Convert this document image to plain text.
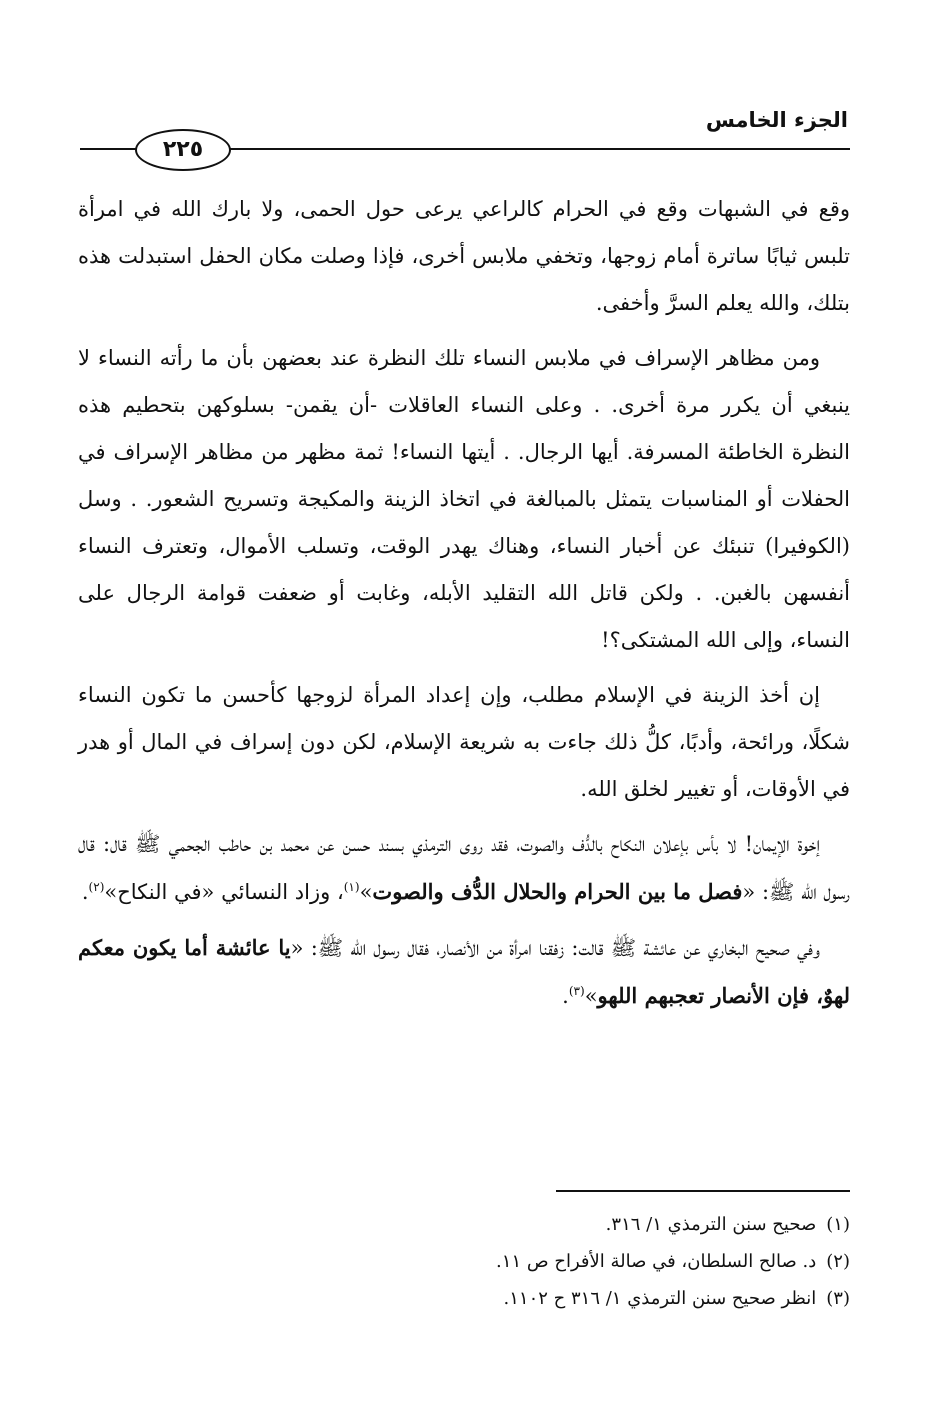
الجزء الخامس
٢٢٥

وقع في الشبهات وقع في الحرام كالراعي يرعى حول الحمى، ولا بارك الله في امرأة تلبس ثيابًا ساترة أمام زوجها، وتخفي ملابس أخرى، فإذا وصلت مكان الحفل استبدلت هذه بتلك، والله يعلم السرَّ وأخفى.

ومن مظاهر الإسراف في ملابس النساء تلك النظرة عند بعضهن بأن ما رأته النساء لا ينبغي أن يكرر مرة أخرى. . وعلى النساء العاقلات -أن يقمن- بسلوكهن بتحطيم هذه النظرة الخاطئة المسرفة. أيها الرجال. . أيتها النساء! ثمة مظهر من مظاهر الإسراف في الحفلات أو المناسبات يتمثل بالمبالغة في اتخاذ الزينة والمكيجة وتسريح الشعور. . وسل (الكوفيرا) تنبئك عن أخبار النساء، وهناك يهدر الوقت، وتسلب الأموال، وتعترف النساء أنفسهن بالغبن. . ولكن قاتل الله التقليد الأبله، وغابت أو ضعفت قوامة الرجال على النساء، وإلى الله المشتكى؟!

إن أخذ الزينة في الإسلام مطلب، وإن إعداد المرأة لزوجها كأحسن ما تكون النساء شكلًا، ورائحة، وأدبًا، كلُّ ذلك جاءت به شريعة الإسلام، لكن دون إسراف في المال أو هدر في الأوقات، أو تغيير لخلق الله.

إخوة الإيمان! لا بأس بإعلان النكاح بالدُّف والصوت، فقد روى الترمذي بسند حسن عن محمد بن حاطب الجحمي ﷺ قال: قال رسول الله ﷺ: «فصل ما بين الحرام والحلال الدُّف والصوت»$^{(١)}$، وزاد النسائي «في النكاح»$^{(٢)}$.

وفي صحيح البخاري عن عائشة ﷺ قالت: زفقنا امرأة من الأنصار، فقال رسول الله ﷺ: «يا عائشة أما يكون معكم لهوٌ، فإن الأنصار تعجبهم اللهو»$^{(٣)}$.

(١)صحيح سنن الترمذي ١/ ٣١٦.
(٢)د. صالح السلطان، في صالة الأفراح ص ١١.
(٣)انظر صحيح سنن الترمذي ١/ ٣١٦ ح ١١٠٢.
